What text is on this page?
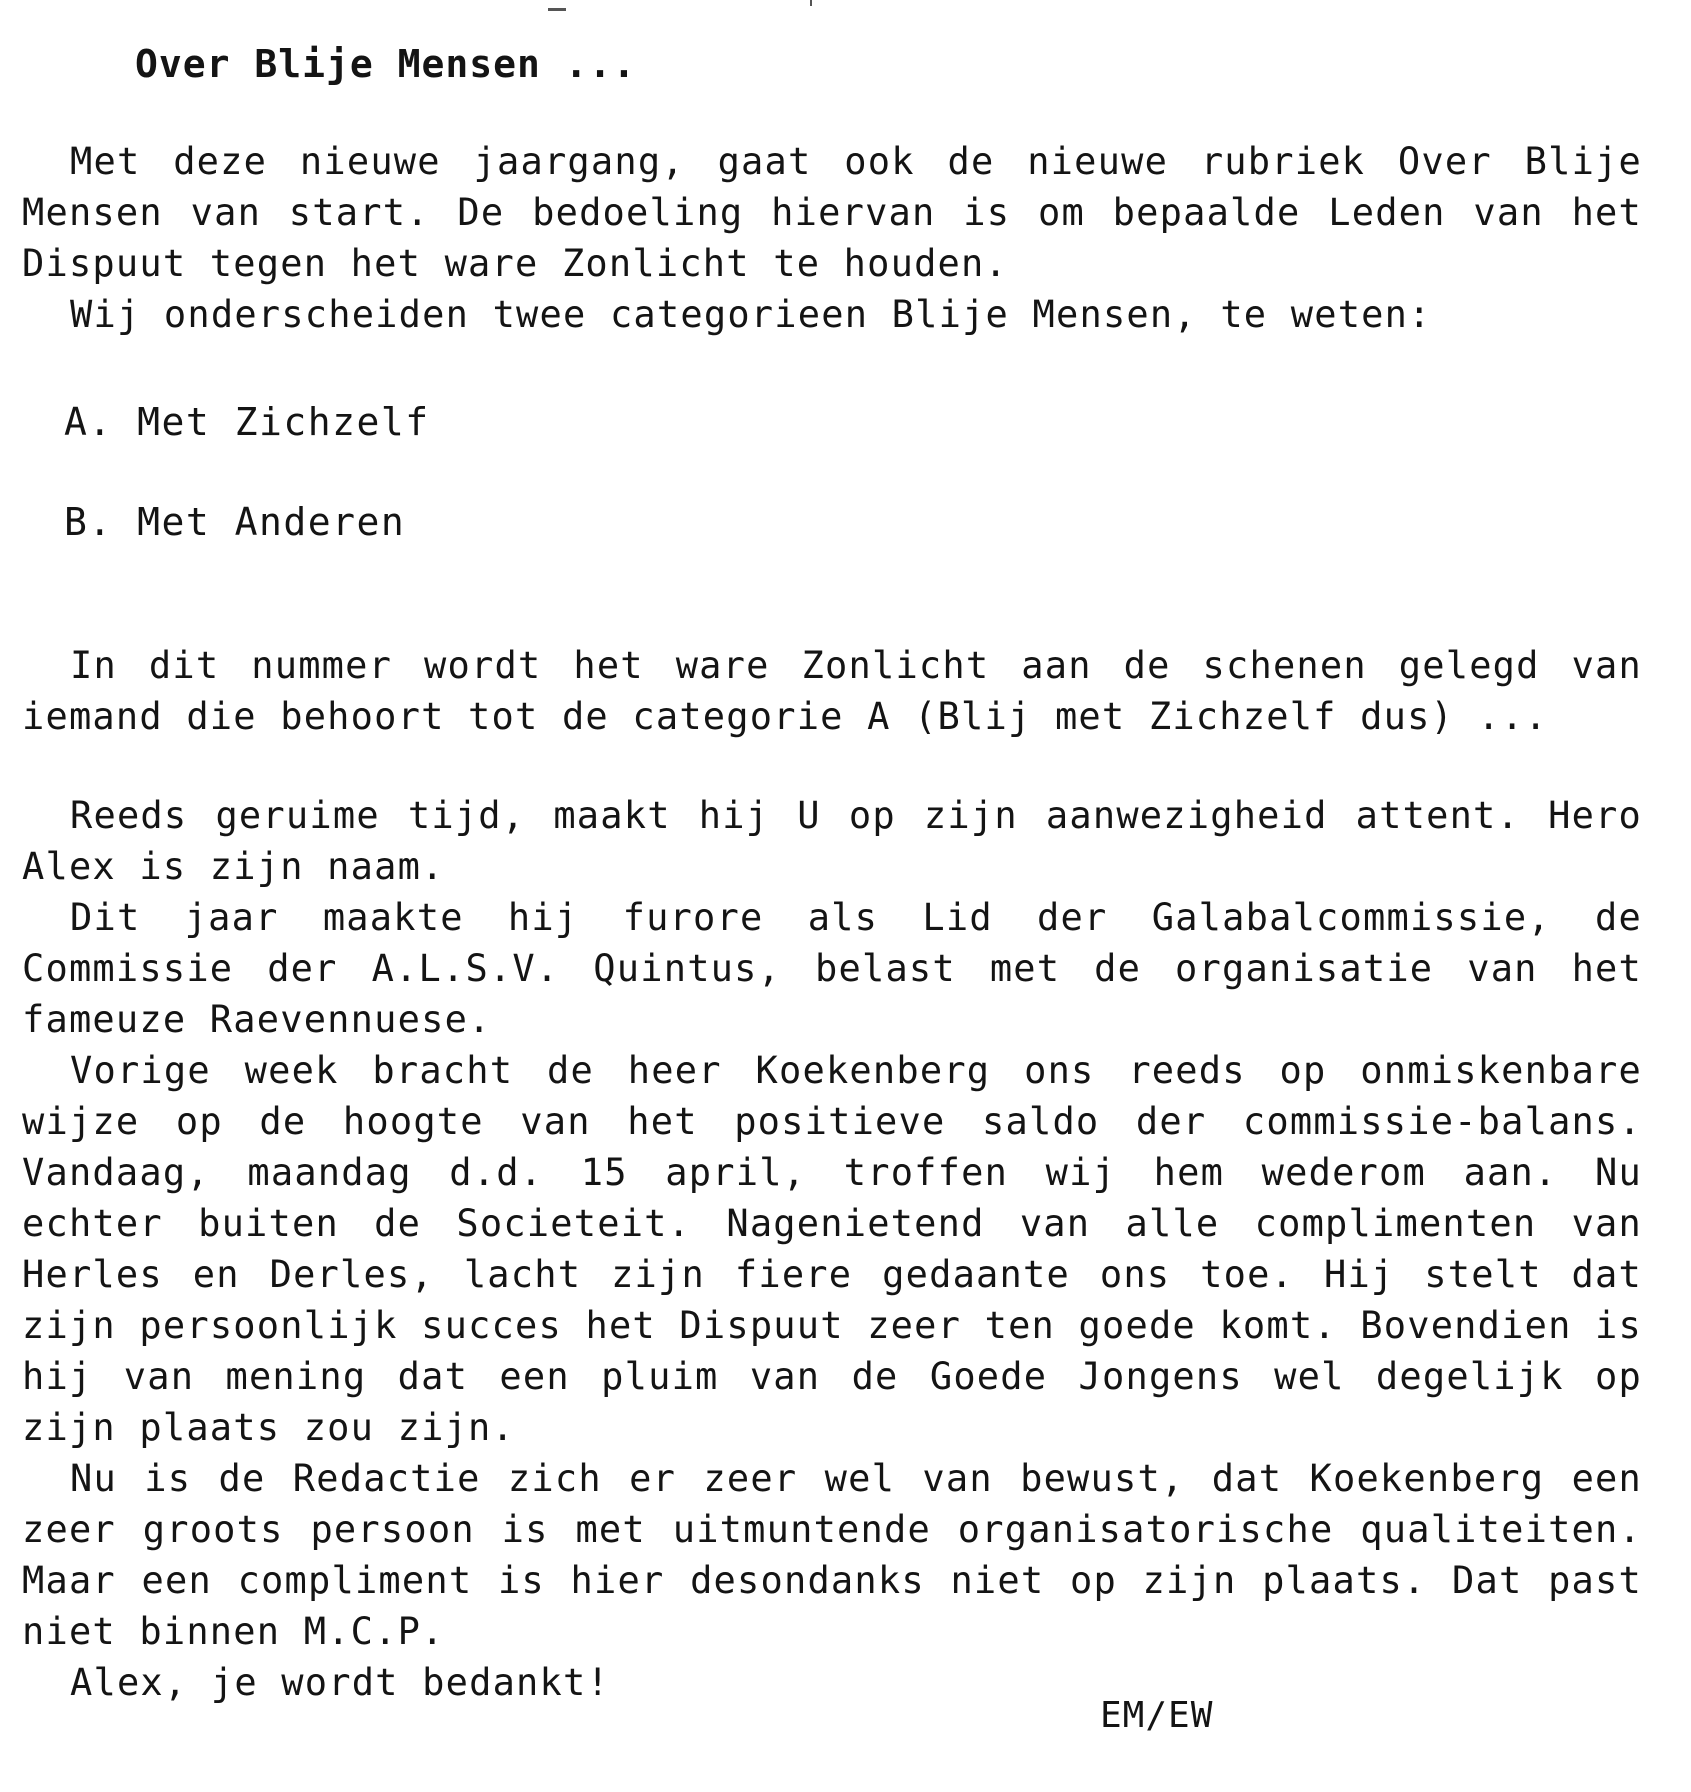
Over Blije Mensen ...

Met deze nieuwe jaargang, gaat ook de nieuwe rubriek Over Blije Mensen van start. De bedoeling hiervan is om bepaalde Leden van het Dispuut tegen het ware Zonlicht te houden.

Wij onderscheiden twee categorieen Blije Mensen, te weten:

A. Met Zichzelf
B. Met Anderen

In dit nummer wordt het ware Zonlicht aan de schenen gelegd van iemand die behoort tot de categorie A (Blij met Zichzelf dus) ...

Reeds geruime tijd, maakt hij U op zijn aanwezigheid attent. Hero Alex is zijn naam.

Dit jaar maakte hij furore als Lid der Galabalcommissie, de Commissie der A.L.S.V. Quintus, belast met de organisatie van het fameuze Raevennuese.

Vorige week bracht de heer Koekenberg ons reeds op onmiskenbare wijze op de hoogte van het positieve saldo der commissie-balans. Vandaag, maandag d.d. 15 april, troffen wij hem wederom aan. Nu echter buiten de Societeit. Nagenietend van alle complimenten van Herles en Derles, lacht zijn fiere gedaante ons toe. Hij stelt dat zijn persoonlijk succes het Dispuut zeer ten goede komt. Bovendien is hij van mening dat een pluim van de Goede Jongens wel degelijk op zijn plaats zou zijn.

Nu is de Redactie zich er zeer wel van bewust, dat Koekenberg een zeer groots persoon is met uitmuntende organisatorische qualiteiten. Maar een compliment is hier desondanks niet op zijn plaats. Dat past niet binnen M.C.P.

Alex, je wordt bedankt!

EM/EW
